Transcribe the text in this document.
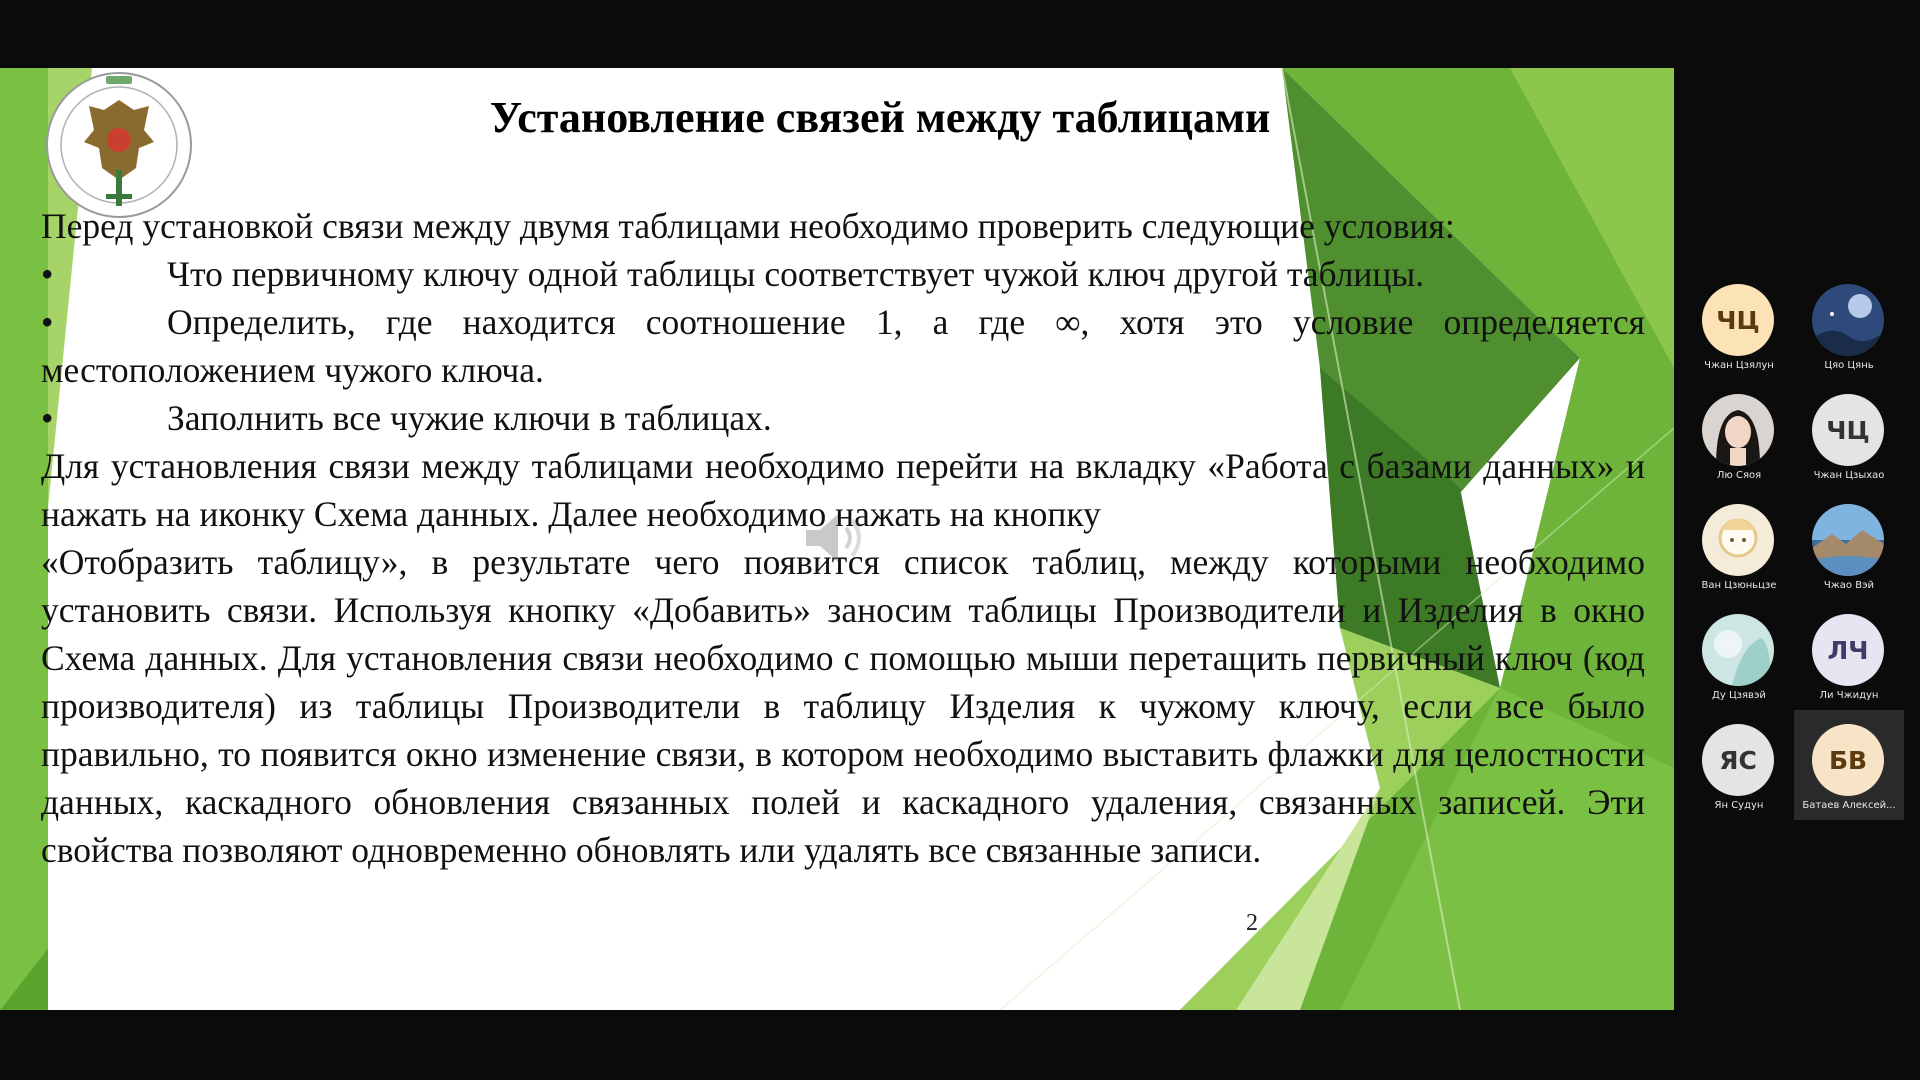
Установление связей между таблицами

Перед установкой связи между двумя таблицами необходимо проверить следующие условия:

•	Что первичному ключу одной таблицы соответствует чужой ключ другой таблицы.

•	Определить, где находится соотношение 1, а где ∞, хотя это условие определяется местоположением чужого ключа.

•	Заполнить все чужие ключи в таблицах.

Для установления связи между таблицами необходимо перейти на вкладку «Работа с базами данных» и нажать на иконку Схема данных. Далее необходимо нажать на кнопку

«Отобразить таблицу», в результате чего появится список таблиц, между которыми необходимо установить связи. Используя кнопку «Добавить» заносим таблицы Производители и Изделия в окно Схема данных. Для установления связи необходимо с помощью мыши перетащить первичный ключ (код производителя) из таблицы Производители в таблицу Изделия к чужому ключу, если все было правильно, то появится окно изменение связи, в котором необходимо выставить флажки для целостности данных, каскадного обновления связанных полей и каскадного удаления, связанных записей. Эти свойства позволяют одновременно обновлять или удалять все связанные записи.

2
ЧЦ
Чжан Цзялун	Цяо Цянь
Лю Сяоя
ЧЦ
Чжан Цзыхао
Ван Цзюньцзе	Чжао Вэй
Ду Цзявэй
ЛЧ
Ли Чжидун
ЯС
Ян Судун
БВ
Батаев Алексей...
